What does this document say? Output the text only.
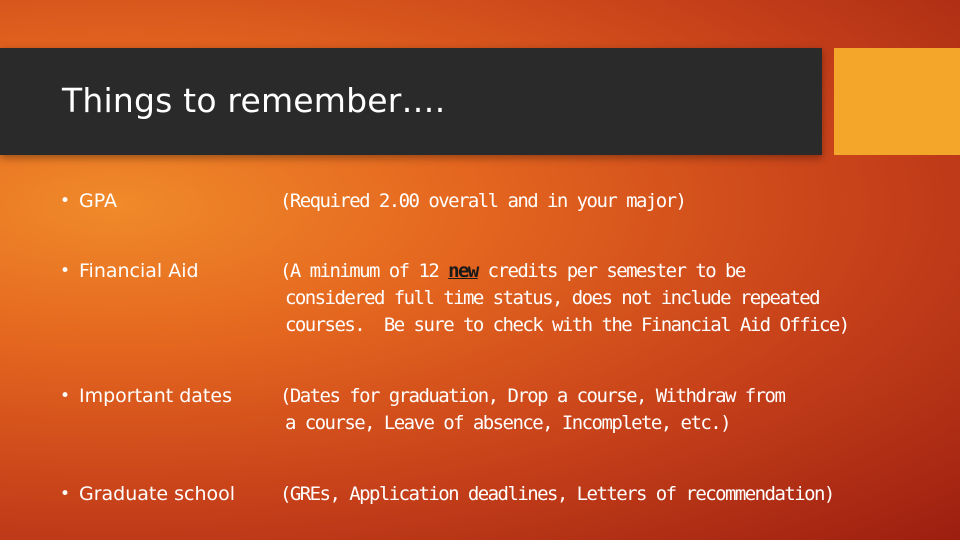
Things to remember….
• GPA	(Required 2.00 overall and in your major)
• Financial Aid	(A minimum of 12 new credits per semester to be
considered full time status, does not include repeated
courses.  Be sure to check with the Financial Aid Office)
• Important dates	(Dates for graduation, Drop a course, Withdraw from
a course, Leave of absence, Incomplete, etc.)
• Graduate school (GREs, Application deadlines, Letters of recommendation)
